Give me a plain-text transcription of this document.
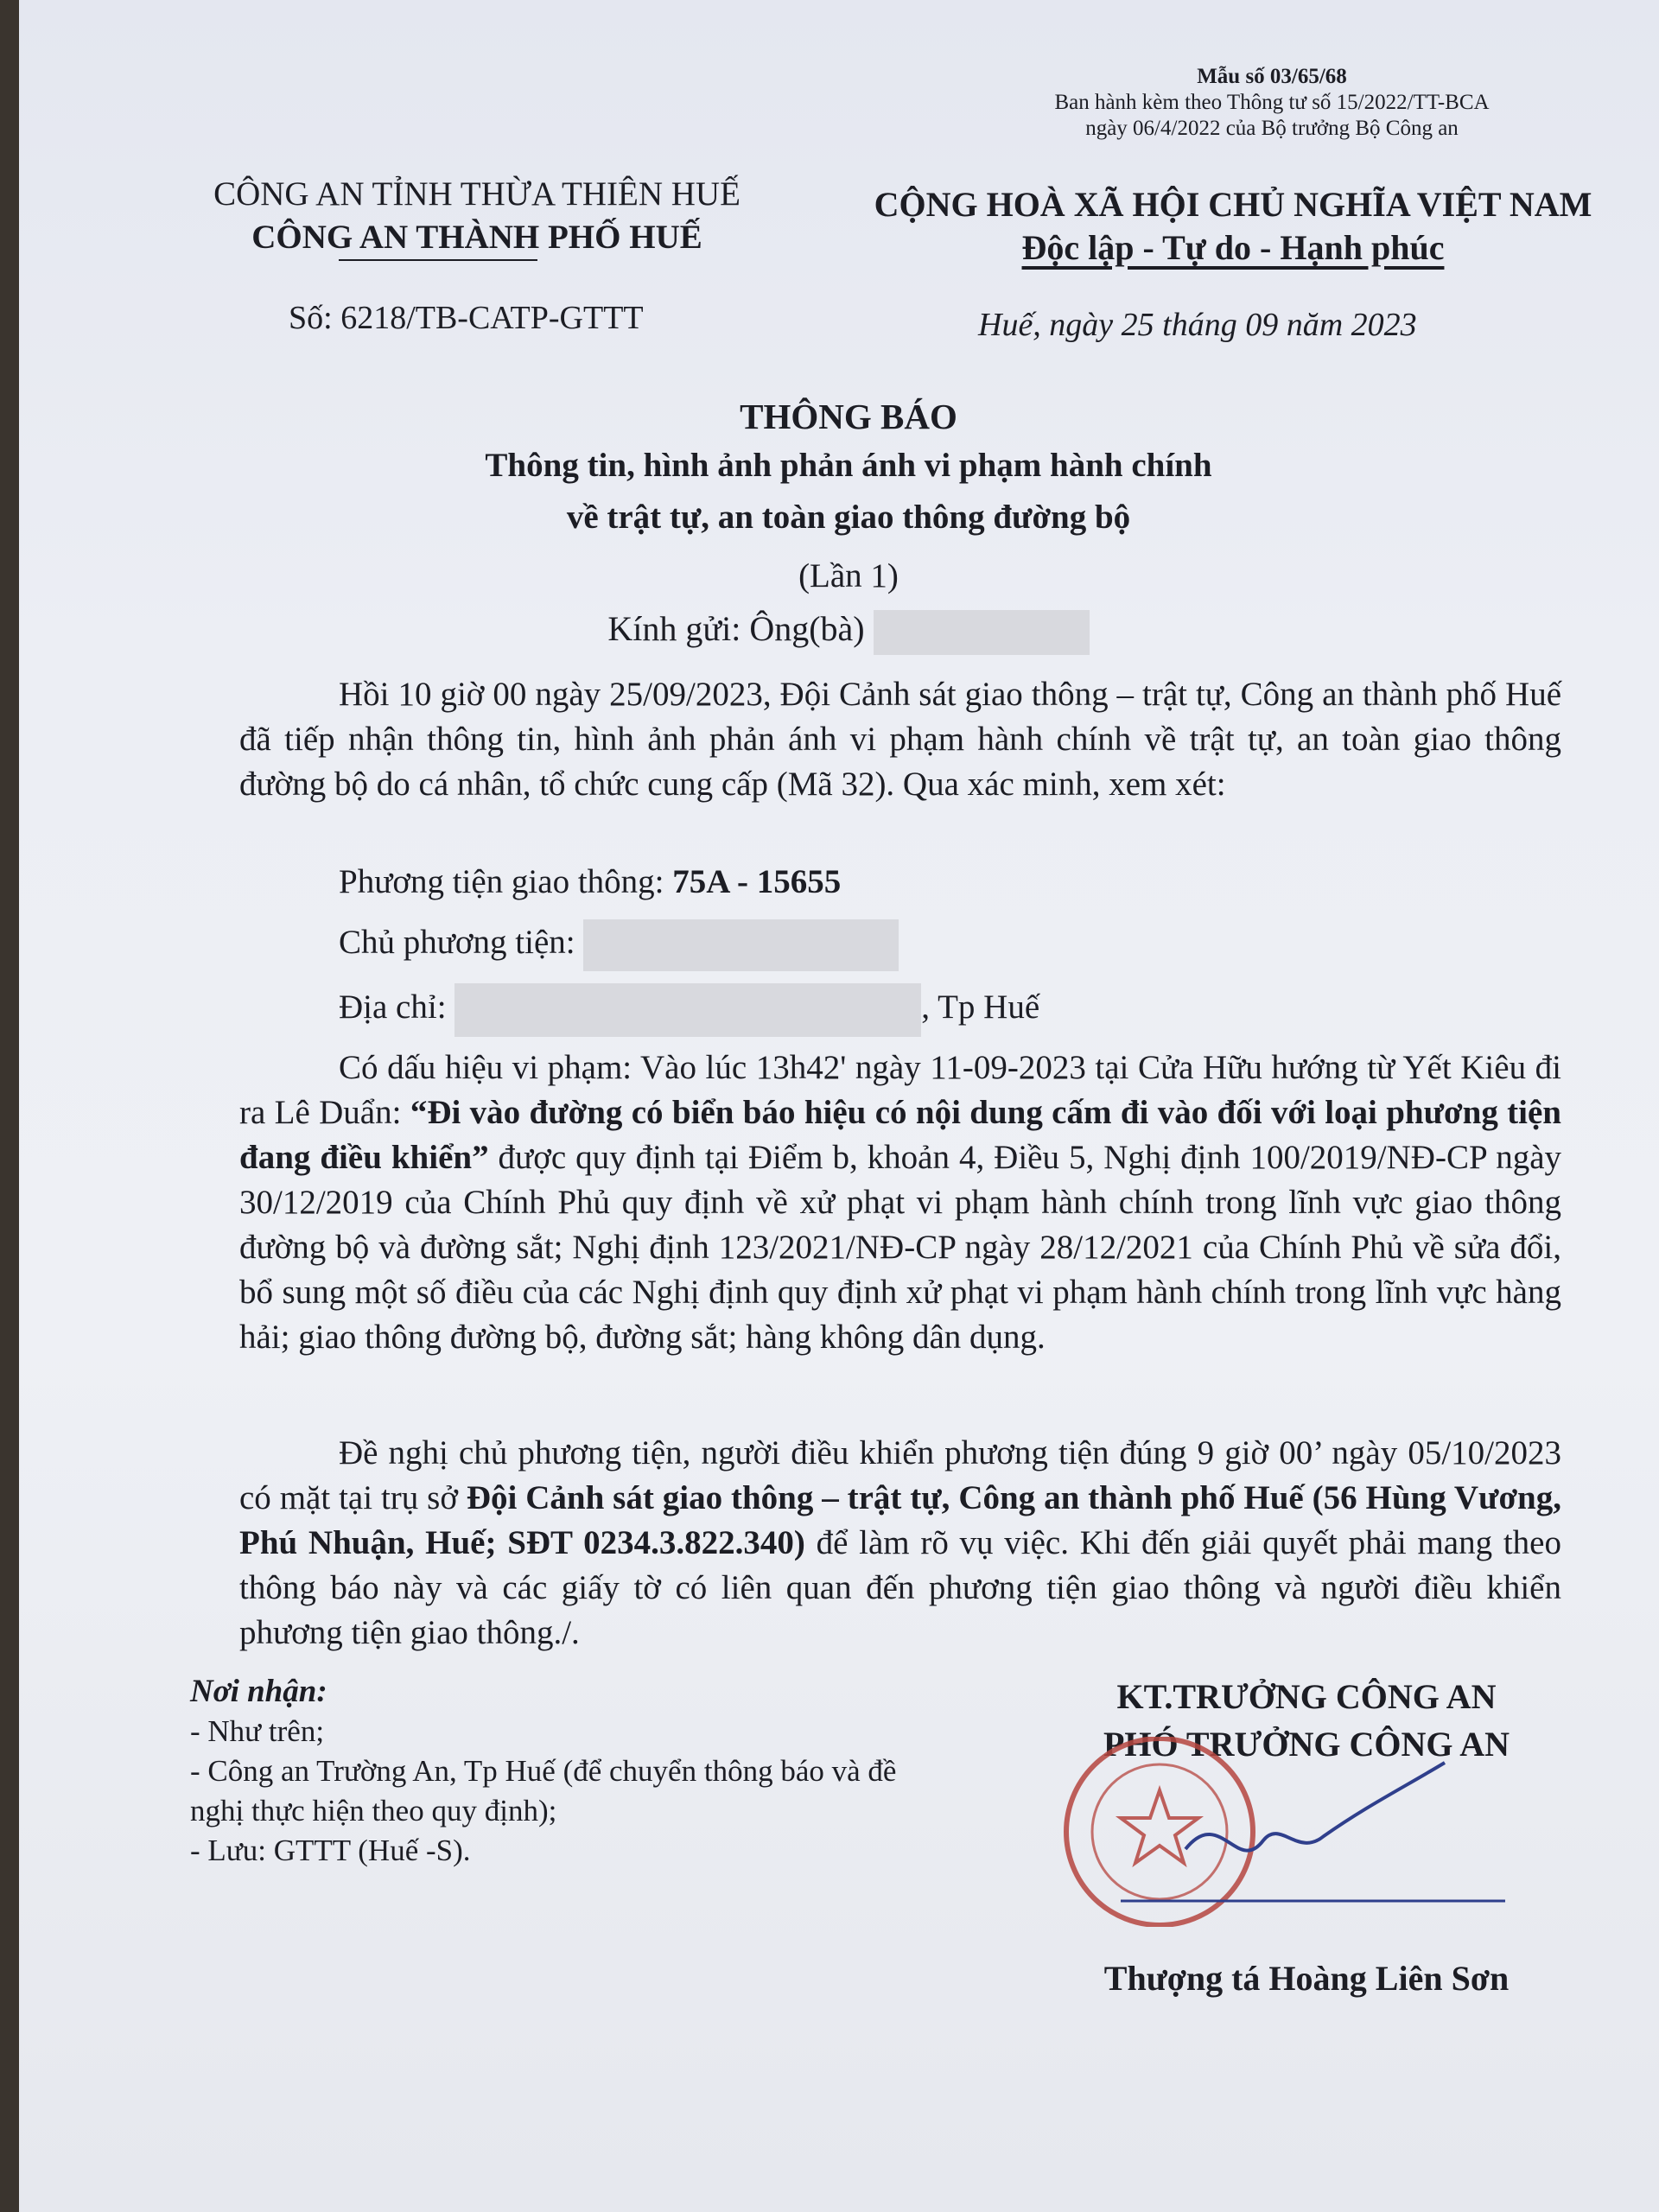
Mẫu số 03/65/68
Ban hành kèm theo Thông tư số 15/2022/TT-BCA
ngày 06/4/2022 của Bộ trưởng Bộ Công an
CÔNG AN TỈNH THỪA THIÊN HUẾ
CÔNG AN THÀNH PHỐ HUẾ
CỘNG HOÀ XÃ HỘI CHỦ NGHĨA VIỆT NAM
Độc lập - Tự do - Hạnh phúc
Số: 6218/TB-CATP-GTTT	Huế, ngày 25 tháng 09 năm 2023
THÔNG BÁO
Thông tin, hình ảnh phản ánh vi phạm hành chính
về trật tự, an toàn giao thông đường bộ
(Lần 1)
Kính gửi: Ông(bà)
Hồi 10 giờ 00 ngày 25/09/2023, Đội Cảnh sát giao thông – trật tự, Công an thành phố Huế đã tiếp nhận thông tin, hình ảnh phản ánh vi phạm hành chính về trật tự, an toàn giao thông đường bộ do cá nhân, tổ chức cung cấp (Mã 32). Qua xác minh, xem xét:
Phương tiện giao thông: 75A - 15655
Chủ phương tiện:
Địa chỉ:	, Tp Huế
Có dấu hiệu vi phạm: Vào lúc 13h42' ngày 11-09-2023 tại Cửa Hữu hướng từ Yết Kiêu đi ra Lê Duẩn: “Đi vào đường có biển báo hiệu có nội dung cấm đi vào đối với loại phương tiện đang điều khiển” được quy định tại Điểm b, khoản 4, Điều 5, Nghị định 100/2019/NĐ-CP ngày 30/12/2019 của Chính Phủ quy định về xử phạt vi phạm hành chính trong lĩnh vực giao thông đường bộ và đường sắt; Nghị định 123/2021/NĐ-CP ngày 28/12/2021 của Chính Phủ về sửa đổi, bổ sung một số điều của các Nghị định quy định xử phạt vi phạm hành chính trong lĩnh vực hàng hải; giao thông đường bộ, đường sắt; hàng không dân dụng.
Đề nghị chủ phương tiện, người điều khiển phương tiện đúng 9 giờ 00’ ngày 05/10/2023 có mặt tại trụ sở Đội Cảnh sát giao thông – trật tự, Công an thành phố Huế (56 Hùng Vương, Phú Nhuận, Huế; SĐT 0234.3.822.340) để làm rõ vụ việc. Khi đến giải quyết phải mang theo thông báo này và các giấy tờ có liên quan đến phương tiện giao thông và người điều khiển phương tiện giao thông./.
Nơi nhận:
- Như trên;
- Công an Trường An, Tp Huế (để chuyển thông báo và đề nghị thực hiện theo quy định);
- Lưu: GTTT (Huế -S).
KT.TRƯỞNG CÔNG AN
PHÓ TRƯỞNG CÔNG AN
Thượng tá Hoàng Liên Sơn
